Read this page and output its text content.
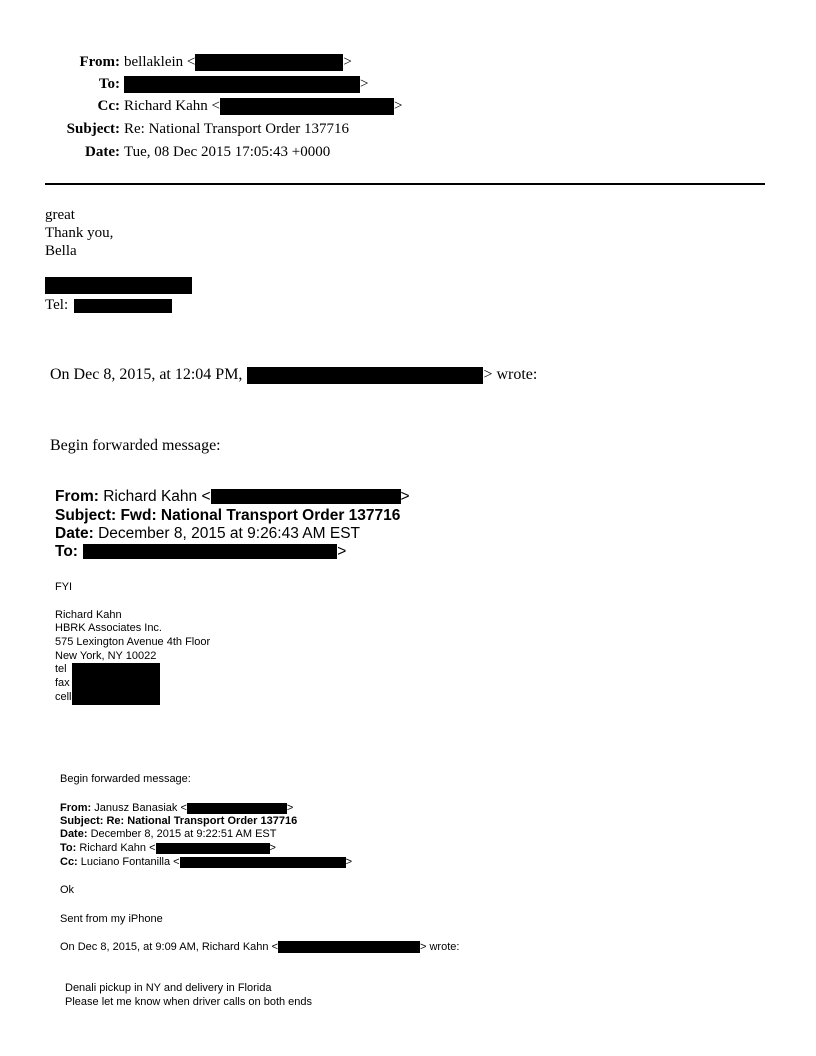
From: bellaklein <	>
To:	>
Cc: Richard Kahn <	>
Subject: Re: National Transport Order 137716
Date: Tue, 08 Dec 2015 17:05:43 +0000
great
Thank you,
Bella
Tel:
On Dec 8, 2015, at 12:04 PM,	> wrote:
Begin forwarded message:
From: Richard Kahn <	>
Subject: Fwd: National Transport Order 137716
Date: December 8, 2015 at 9:26:43 AM EST
To:	>
FYI
Richard Kahn
HBRK Associates Inc.
575 Lexington Avenue 4th Floor
New York, NY 10022
tel
fax
cell
Begin forwarded message:
From: Janusz Banasiak <	>
Subject: Re: National Transport Order 137716
Date: December 8, 2015 at 9:22:51 AM EST
To: Richard Kahn <	>
Cc: Luciano Fontanilla <	>
Ok
Sent from my iPhone
On Dec 8, 2015, at 9:09 AM, Richard Kahn <	> wrote:
Denali pickup in NY and delivery in Florida
Please let me know when driver calls on both ends
